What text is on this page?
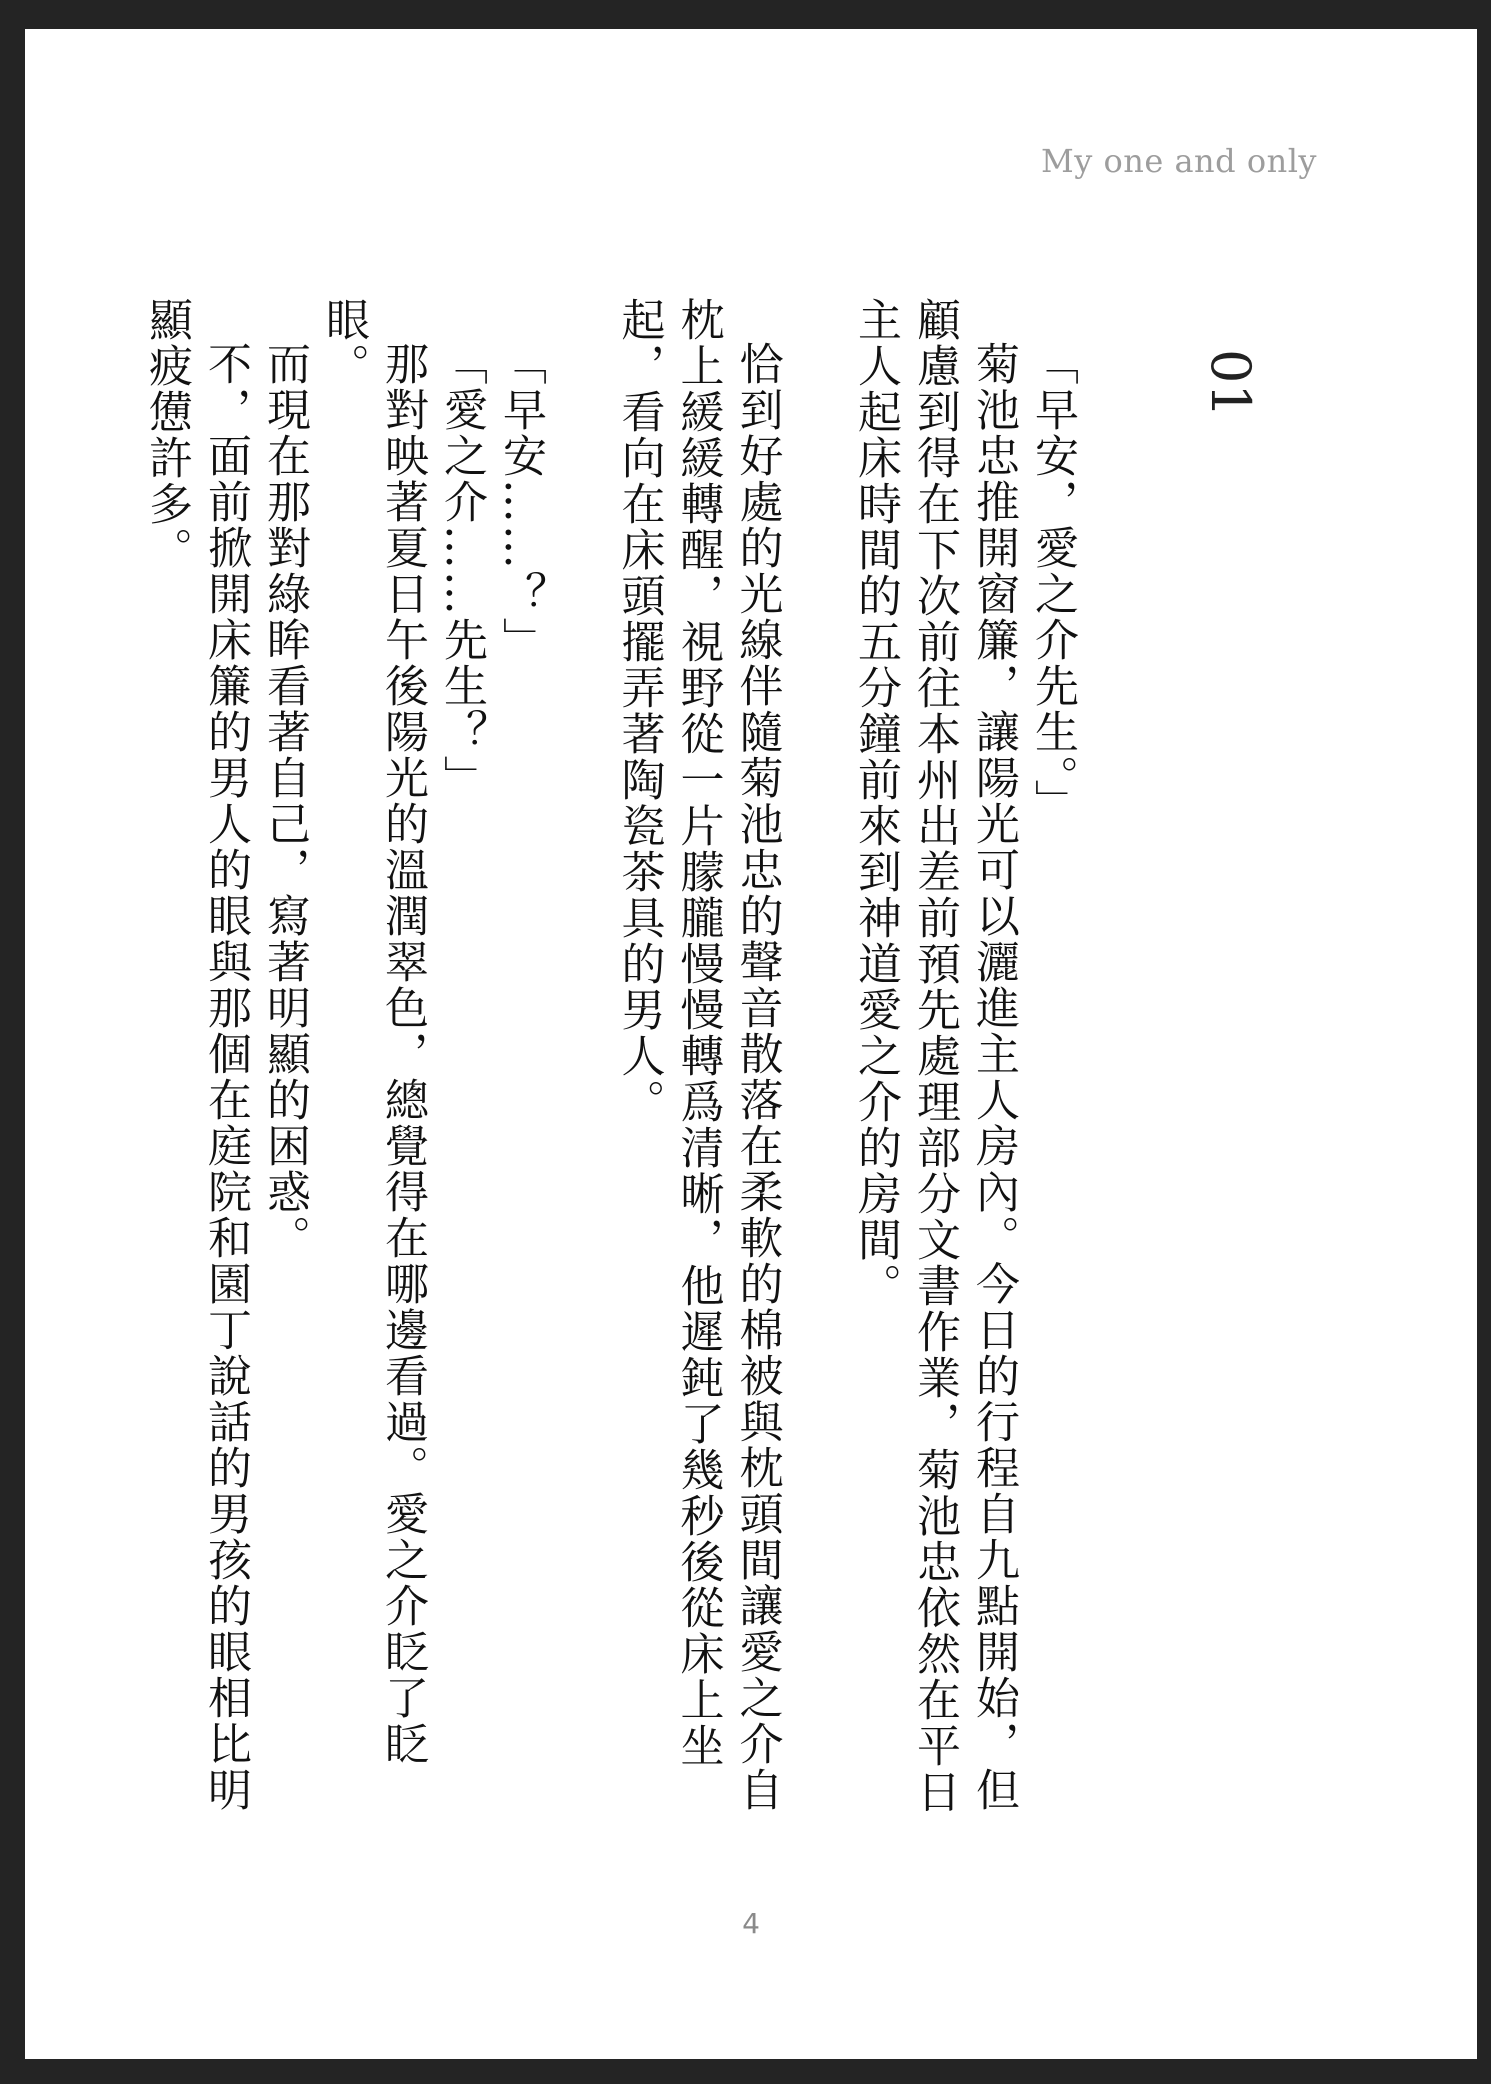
My one and only
01

「早安，愛之介先生。」

菊池忠推開窗簾，讓陽光可以灑進主人房內。今日的行程自九點開始，但顧慮到得在下次前往本州出差前預先處理部分文書作業，菊池忠依然在平日主人起床時間的五分鐘前來到神道愛之介的房間。

恰到好處的光線伴隨菊池忠的聲音散落在柔軟的棉被與枕頭間讓愛之介自枕上緩緩轉醒，視野從一片朦朧慢慢轉爲清晰，他遲鈍了幾秒後從床上坐起，看向在床頭擺弄著陶瓷茶具的男人。

「早安……？」

「愛之介……先生？」

那對映著夏日午後陽光的溫潤翠色，總覺得在哪邊看過。愛之介眨了眨眼。

而現在那對綠眸看著自己，寫著明顯的困惑。

不，面前掀開床簾的男人的眼與那個在庭院和園丁說話的男孩的眼相比明顯疲憊許多。

4
